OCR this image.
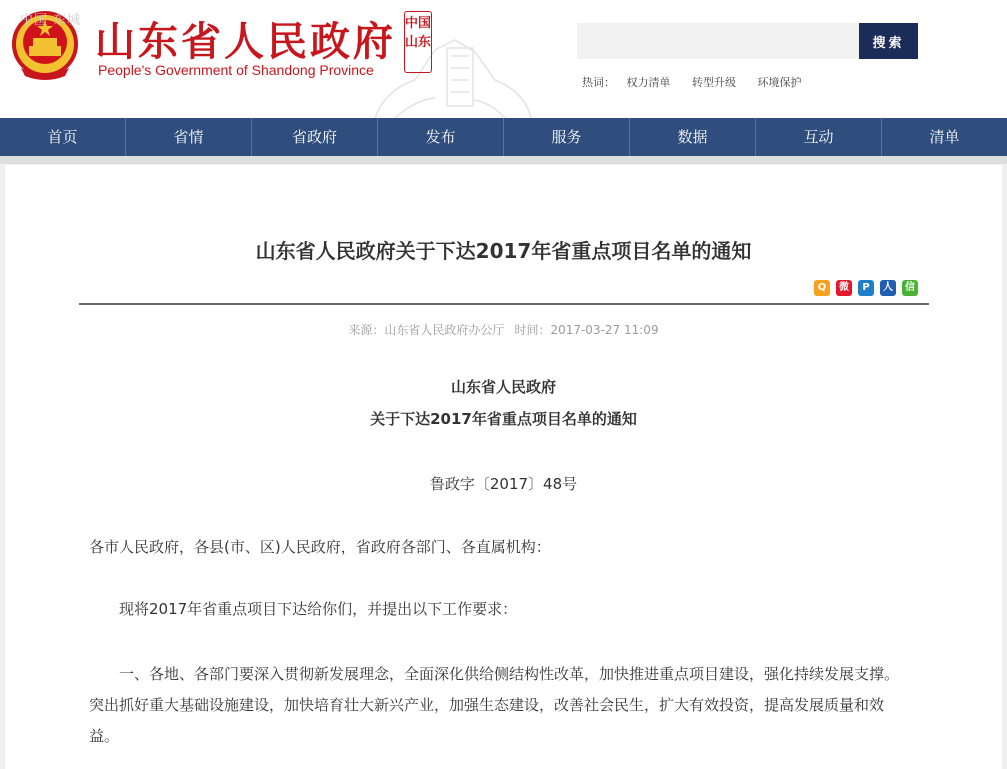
中国·东城 山东省人民政府
People's Government of Shandong Province
中国山东	搜索
热词： 权力清单 转型升级 环境保护
首页	省情	省政府	发布	服务	数据	互动	清单
山东省人民政府关于下达2017年省重点项目名单的通知
Q	微	P	人	信
来源：山东省人民政府办公厅 时间：2017-03-27 11:09
山东省人民政府
关于下达2017年省重点项目名单的通知
鲁政字〔2017〕48号
各市人民政府，各县(市、区)人民政府，省政府各部门、各直属机构：
现将2017年省重点项目下达给你们，并提出以下工作要求：
一、各地、各部门要深入贯彻新发展理念，全面深化供给侧结构性改革，加快推进重点项目建设，强化持续发展支撑。突出抓好重大基础设施建设，加快培育壮大新兴产业，加强生态建设，改善社会民生，扩大有效投资，提高发展质量和效益。
